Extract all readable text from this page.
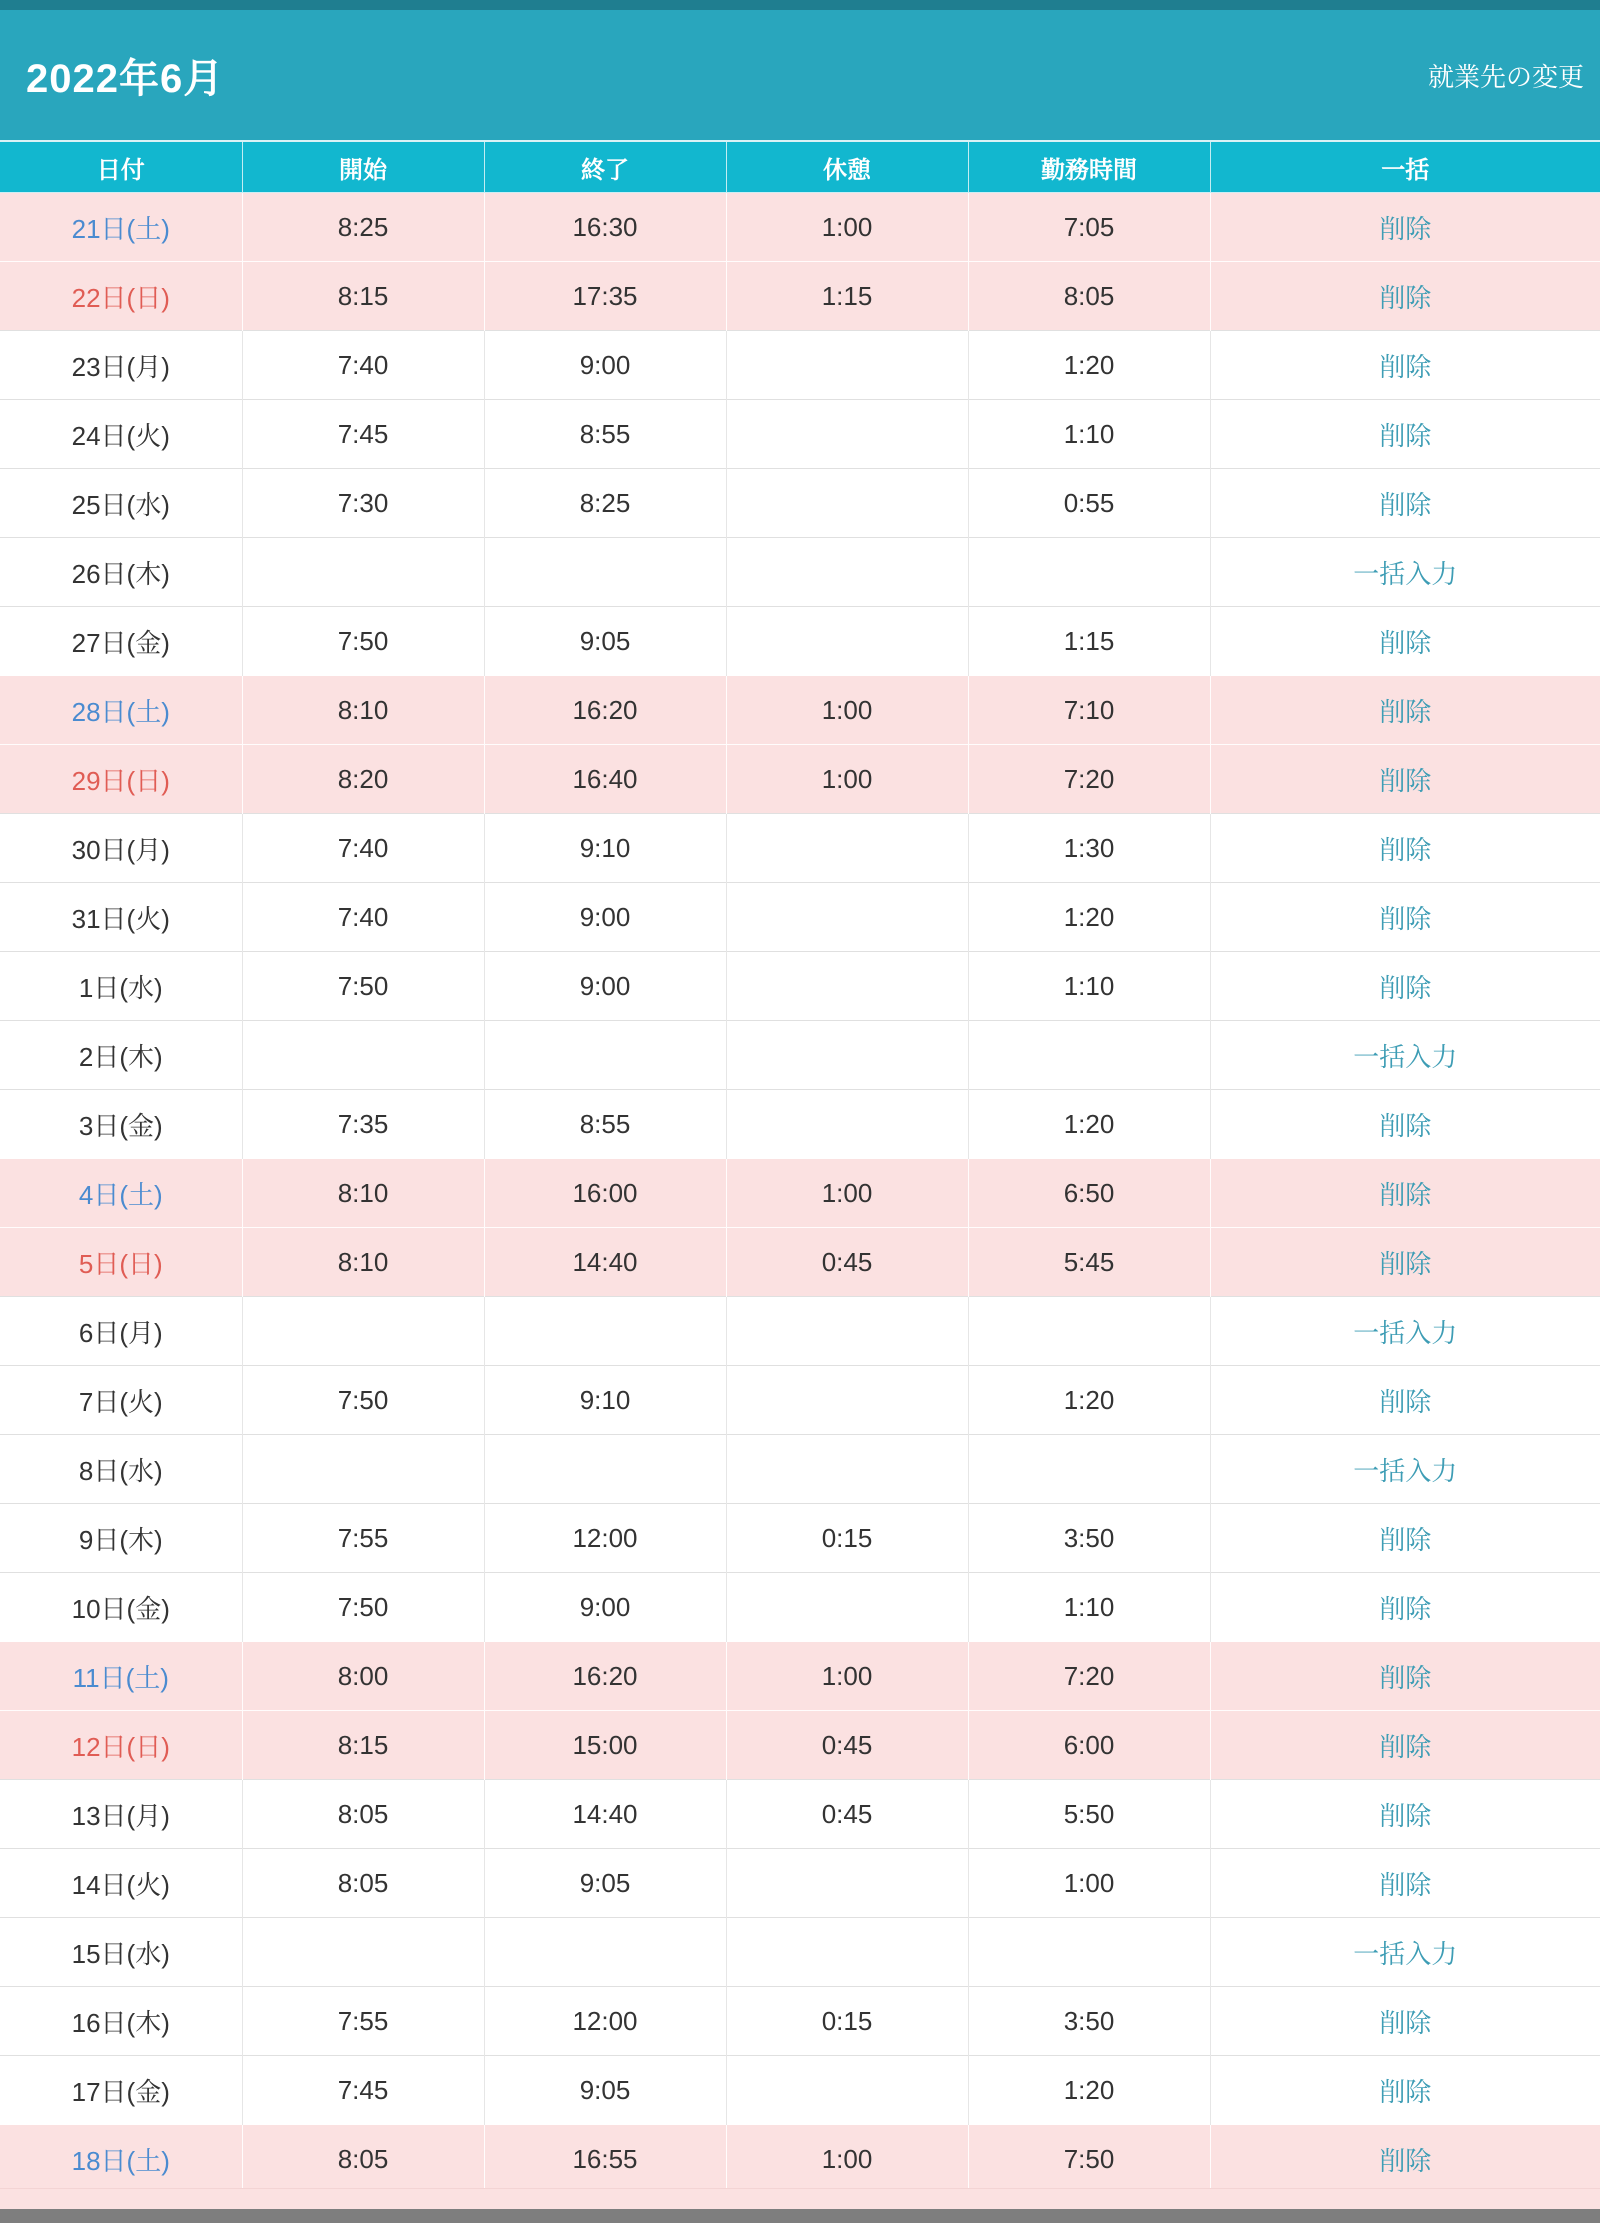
2022年6月	就業先の変更
日付	開始	終了	休憩	勤務時間	一括
21日(土)	8:25	16:30	1:00	7:05	削除
22日(日)	8:15	17:35	1:15	8:05	削除
23日(月)	7:40	9:00		1:20	削除
24日(火)	7:45	8:55		1:10	削除
25日(水)	7:30	8:25		0:55	削除
26日(木)					一括入力
27日(金)	7:50	9:05		1:15	削除
28日(土)	8:10	16:20	1:00	7:10	削除
29日(日)	8:20	16:40	1:00	7:20	削除
30日(月)	7:40	9:10		1:30	削除
31日(火)	7:40	9:00		1:20	削除
1日(水)	7:50	9:00		1:10	削除
2日(木)					一括入力
3日(金)	7:35	8:55		1:20	削除
4日(土)	8:10	16:00	1:00	6:50	削除
5日(日)	8:10	14:40	0:45	5:45	削除
6日(月)					一括入力
7日(火)	7:50	9:10		1:20	削除
8日(水)					一括入力
9日(木)	7:55	12:00	0:15	3:50	削除
10日(金)	7:50	9:00		1:10	削除
11日(土)	8:00	16:20	1:00	7:20	削除
12日(日)	8:15	15:00	0:45	6:00	削除
13日(月)	8:05	14:40	0:45	5:50	削除
14日(火)	8:05	9:05		1:00	削除
15日(水)					一括入力
16日(木)	7:55	12:00	0:15	3:50	削除
17日(金)	7:45	9:05		1:20	削除
18日(土)	8:05	16:55	1:00	7:50	削除
